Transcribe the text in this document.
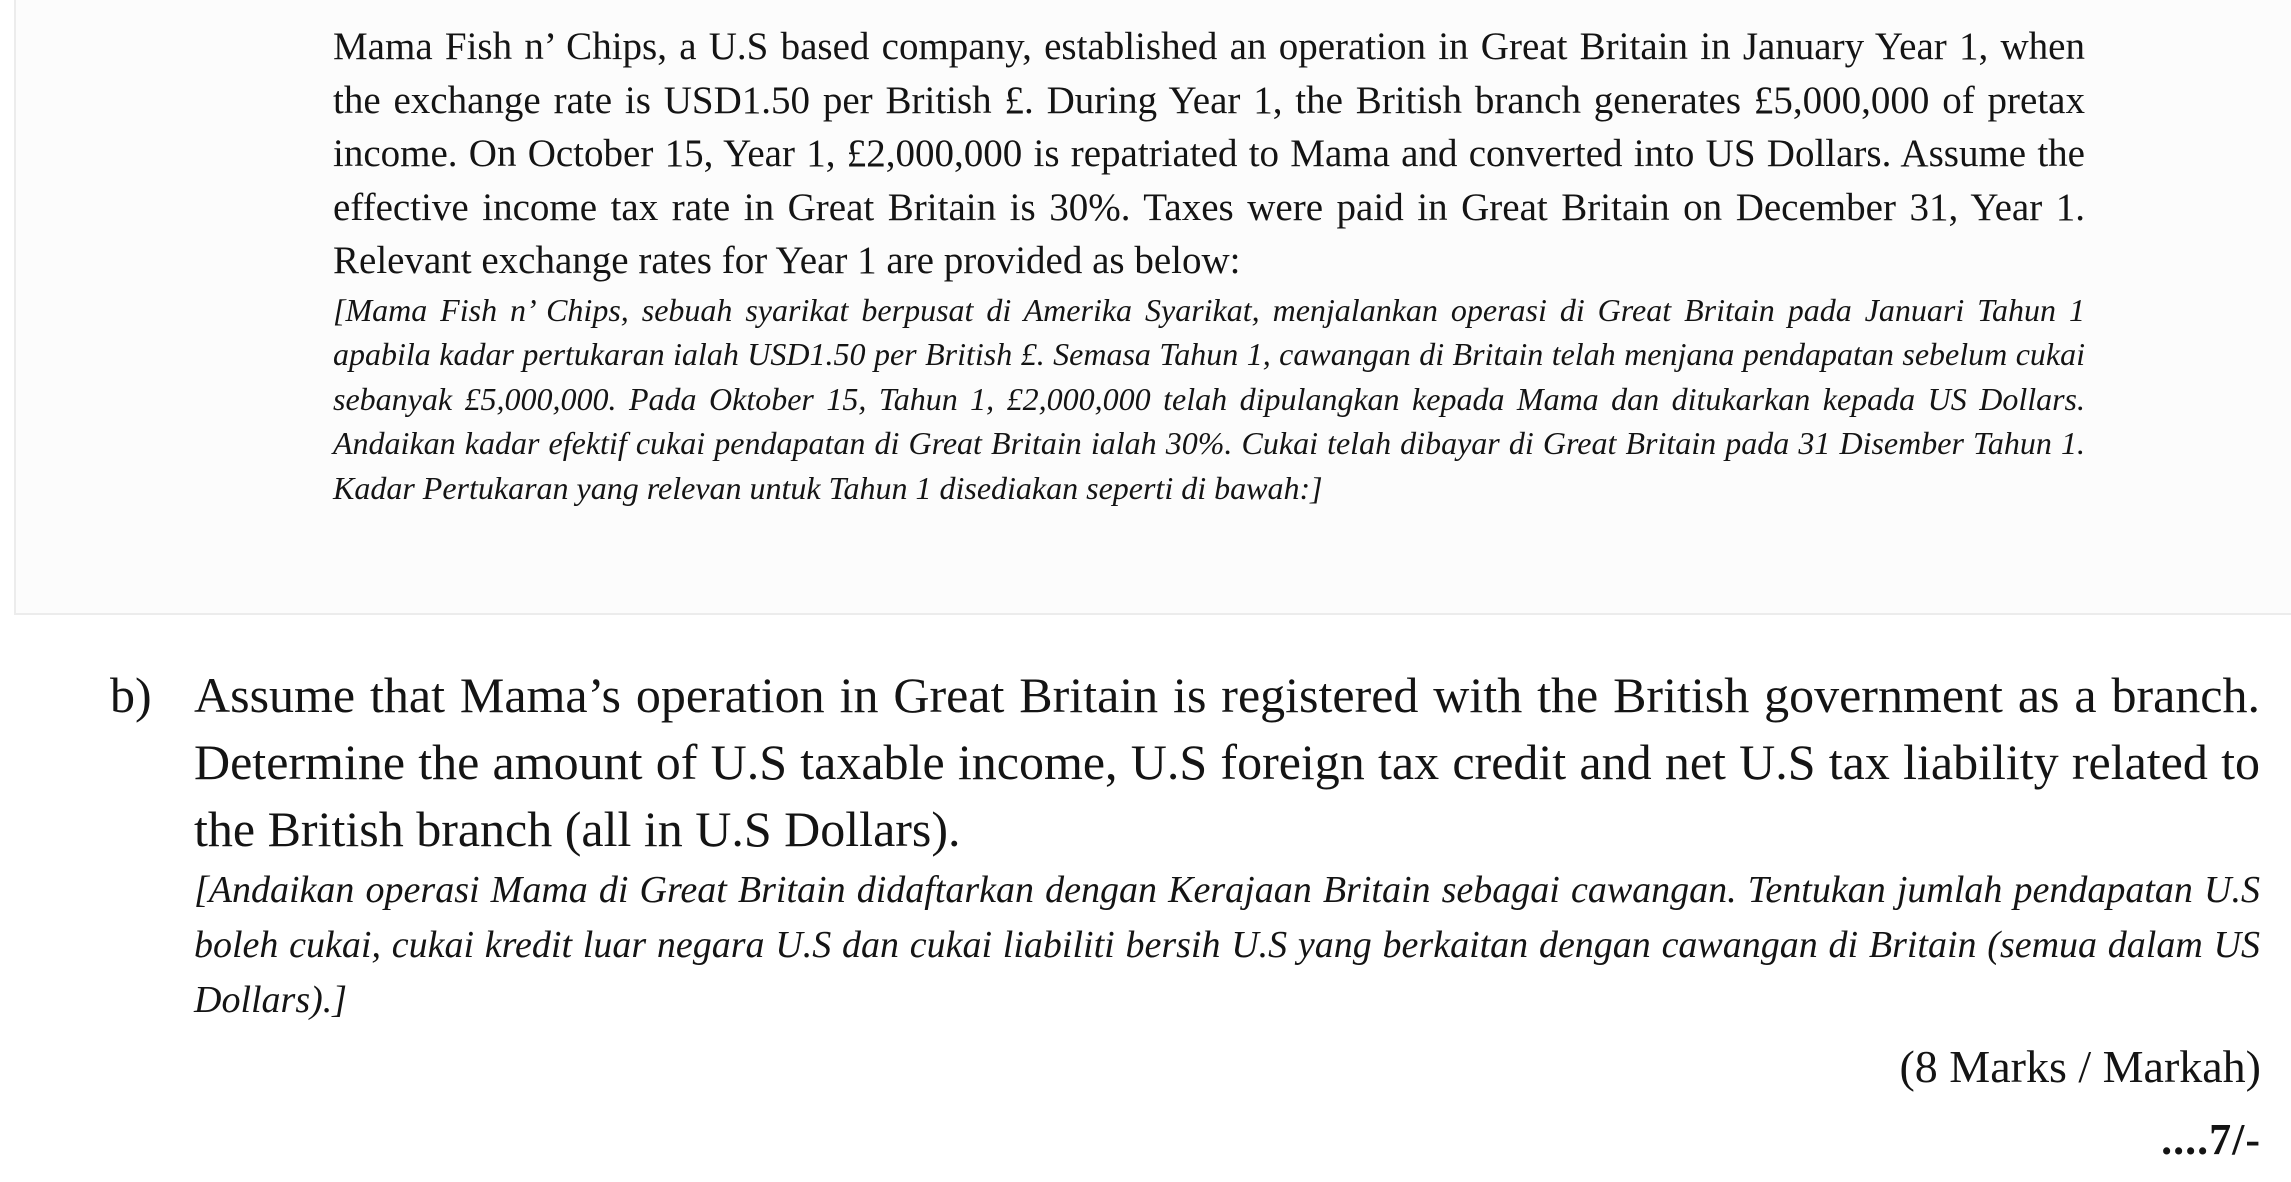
Mama Fish n’ Chips, a U.S based company, established an operation in Great Britain in January Year 1, when the exchange rate is USD1.50 per British £. During Year 1, the British branch generates £5,000,000 of pretax income. On October 15, Year 1, £2,000,000 is repatriated to Mama and converted into US Dollars. Assume the effective income tax rate in Great Britain is 30%. Taxes were paid in Great Britain on December 31, Year 1. Relevant exchange rates for Year 1 are provided as below:

[Mama Fish n’ Chips, sebuah syarikat berpusat di Amerika Syarikat, menjalankan operasi di Great Britain pada Januari Tahun 1 apabila kadar pertukaran ialah USD1.50 per British £. Semasa Tahun 1, cawangan di Britain telah menjana pendapatan sebelum cukai sebanyak £5,000,000. Pada Oktober 15, Tahun 1, £2,000,000 telah dipulangkan kepada Mama dan ditukarkan kepada US Dollars. Andaikan kadar efektif cukai pendapatan di Great Britain ialah 30%. Cukai telah dibayar di Great Britain pada 31 Disember Tahun 1. Kadar Pertukaran yang relevan untuk Tahun 1 disediakan seperti di bawah:]

b) Assume that Mama’s operation in Great Britain is registered with the British government as a branch. Determine the amount of U.S taxable income, U.S foreign tax credit and net U.S tax liability related to the British branch (all in U.S Dollars).

[Andaikan operasi Mama di Great Britain didaftarkan dengan Kerajaan Britain sebagai cawangan. Tentukan jumlah pendapatan U.S boleh cukai, cukai kredit luar negara U.S dan cukai liabiliti bersih U.S yang berkaitan dengan cawangan di Britain (semua dalam US Dollars).]

(8 Marks / Markah)
....7/-
